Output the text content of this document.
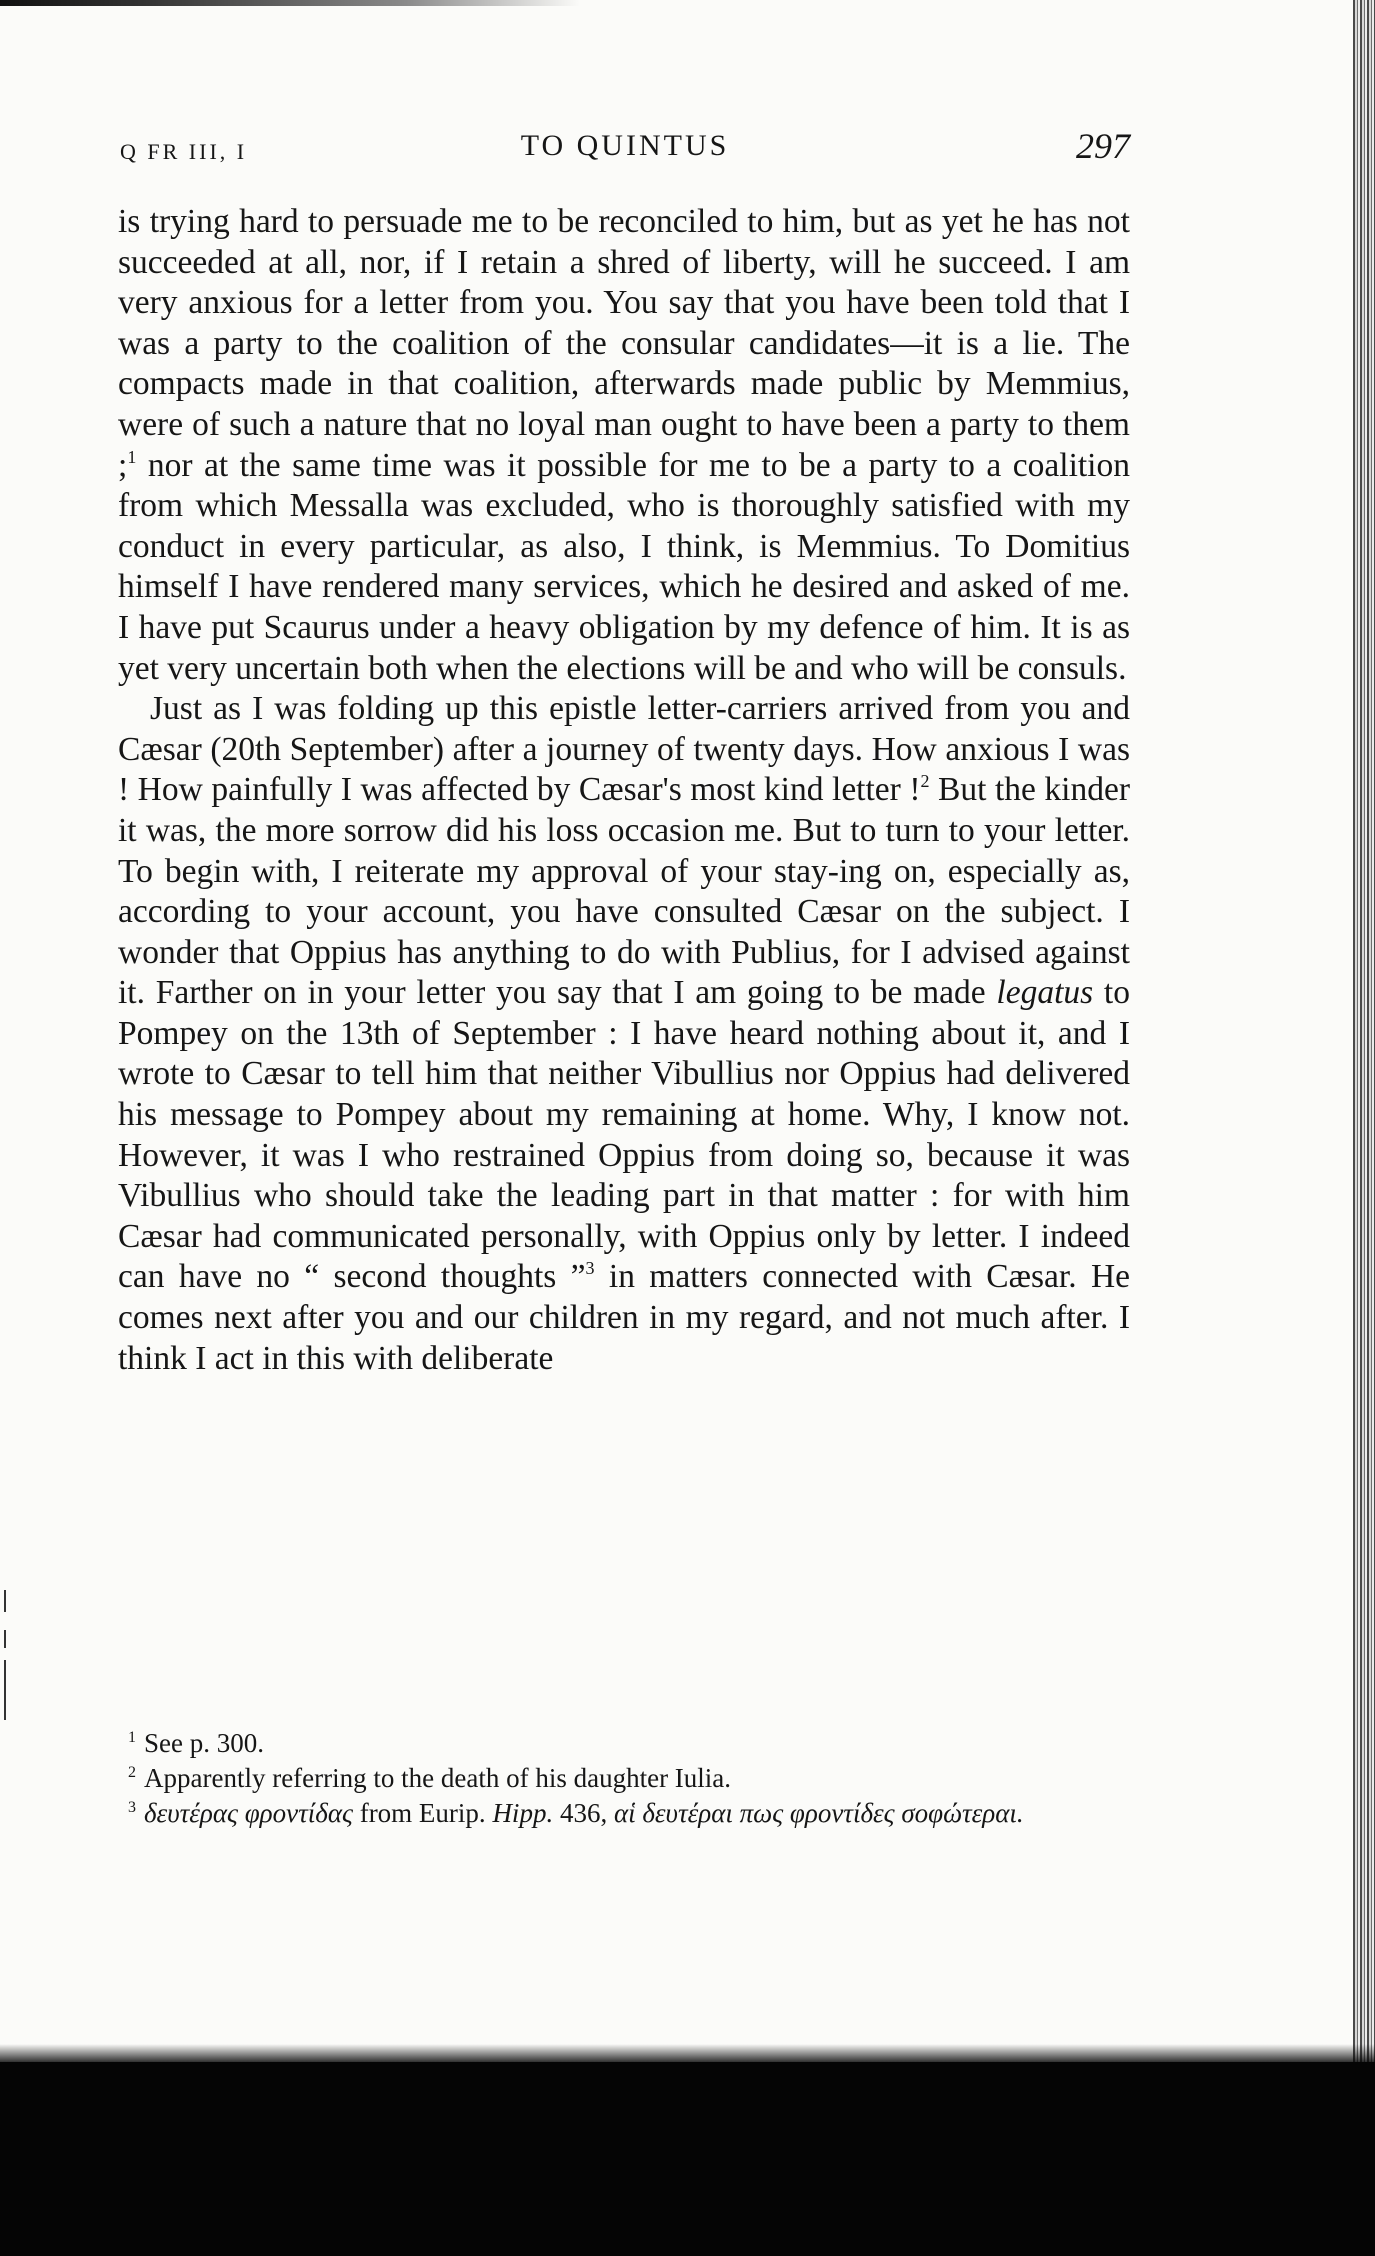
Q FR III, I	TO QUINTUS	297

is trying hard to persuade me to be reconciled to him, but as yet he has not succeeded at all, nor, if I retain a shred of liberty, will he succeed. I am very anxious for a letter from you. You say that you have been told that I was a party to the coalition of the consular candidates—it is a lie. The compacts made in that coalition, afterwards made public by Memmius, were of such a nature that no loyal man ought to have been a party to them ;$^1$ nor at the same time was it possible for me to be a party to a coalition from which Messalla was excluded, who is thoroughly satisfied with my conduct in every particular, as also, I think, is Memmius. To Domitius himself I have rendered many services, which he desired and asked of me. I have put Scaurus under a heavy obligation by my defence of him. It is as yet very uncertain both when the elections will be and who will be consuls.

Just as I was folding up this epistle letter-carriers arrived from you and Cæsar (20th September) after a journey of twenty days. How anxious I was ! How painfully I was affected by Cæsar's most kind letter !$^2$ But the kinder it was, the more sorrow did his loss occasion me. But to turn to your letter. To begin with, I reiterate my approval of your stay-ing on, especially as, according to your account, you have consulted Cæsar on the subject. I wonder that Oppius has anything to do with Publius, for I advised against it. Farther on in your letter you say that I am going to be made legatus to Pompey on the 13th of September : I have heard nothing about it, and I wrote to Cæsar to tell him that neither Vibullius nor Oppius had delivered his message to Pompey about my remaining at home. Why, I know not. However, it was I who restrained Oppius from doing so, because it was Vibullius who should take the leading part in that matter : for with him Cæsar had communicated personally, with Oppius only by letter. I indeed can have no “ second thoughts ”$^3$ in matters connected with Cæsar. He comes next after you and our children in my regard, and not much after. I think I act in this with deliberate

$^1$ See p. 300.

$^2$ Apparently referring to the death of his daughter Iulia.

$^3$ δευτέρας φροντίδας from Eurip. Hipp. 436, αἱ δευτέραι πως φροντίδες σοφώτεραι.
